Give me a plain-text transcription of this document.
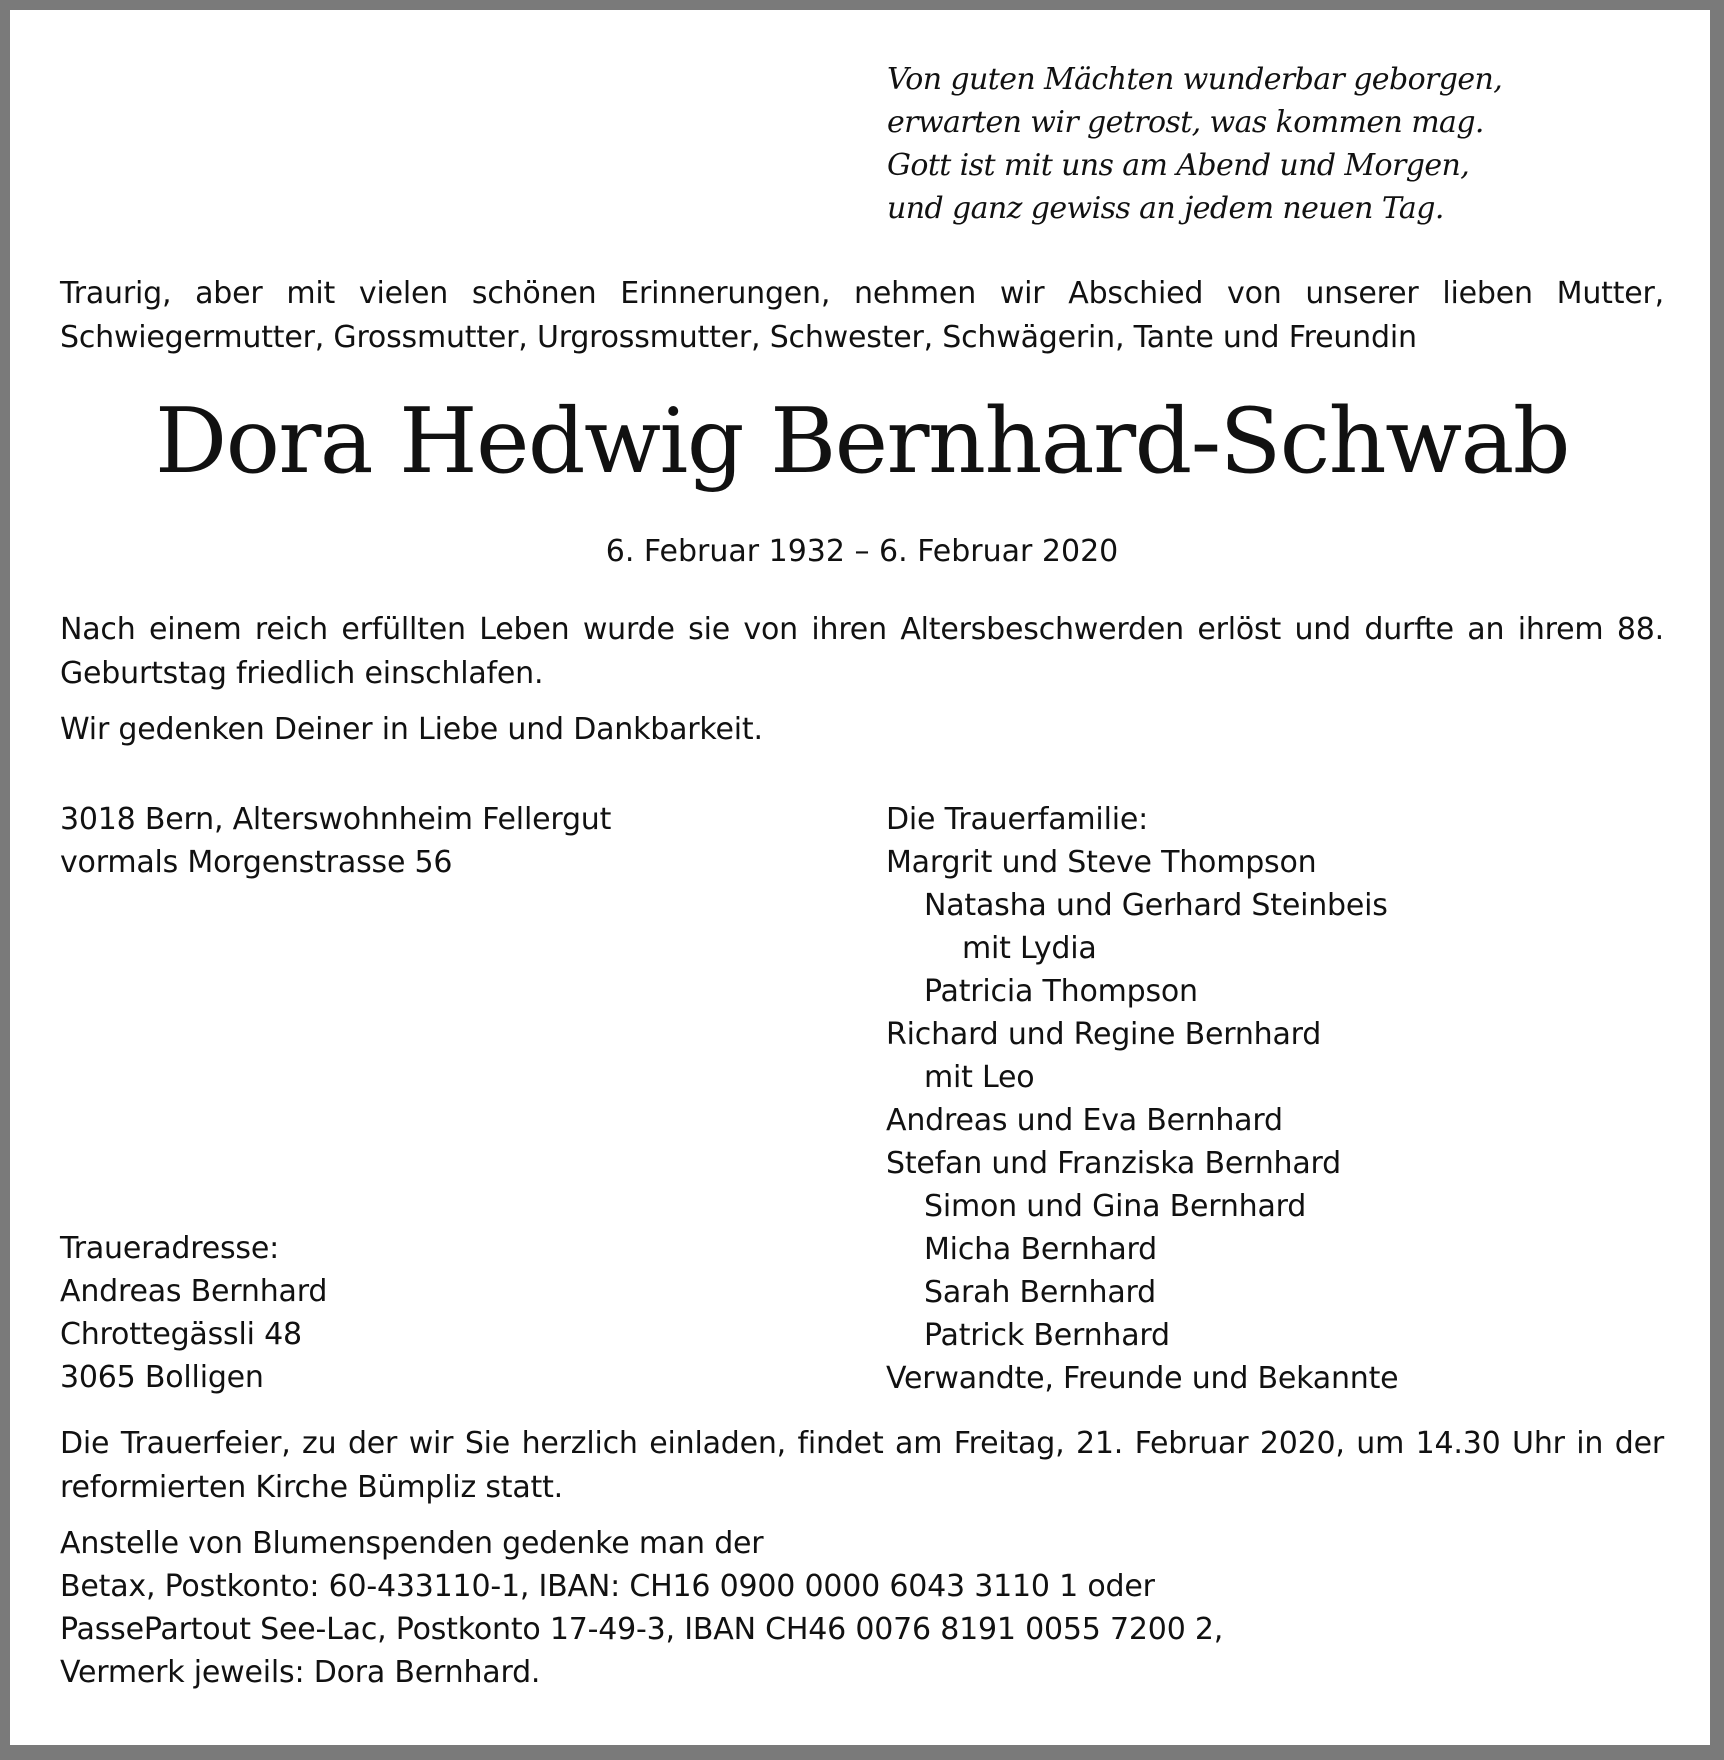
Von guten Mächten wunderbar geborgen,
erwarten wir getrost, was kommen mag.
Gott ist mit uns am Abend und Morgen,
und ganz gewiss an jedem neuen Tag.
Traurig, aber mit vielen schönen Erinnerungen, nehmen wir Abschied von unserer lieben Mutter, Schwiegermutter, Grossmutter, Urgrossmutter, Schwester, Schwägerin, Tante und Freundin
Dora Hedwig Bernhard-Schwab
6. Februar 1932 – 6. Februar 2020
Nach einem reich erfüllten Leben wurde sie von ihren Altersbeschwerden erlöst und durfte an ihrem 88. Geburtstag friedlich einschlafen.
Wir gedenken Deiner in Liebe und Dankbarkeit.
3018 Bern, Alterswohnheim Fellergut
vormals Morgenstrasse 56
Die Trauerfamilie:
Margrit und Steve Thompson
Natasha und Gerhard Steinbeis
mit Lydia
Patricia Thompson
Richard und Regine Bernhard
mit Leo
Andreas und Eva Bernhard
Stefan und Franziska Bernhard
Simon und Gina Bernhard
Micha Bernhard
Sarah Bernhard
Patrick Bernhard
Verwandte, Freunde und Bekannte
Traueradresse:
Andreas Bernhard
Chrottegässli 48
3065 Bolligen
Die Trauerfeier, zu der wir Sie herzlich einladen, findet am Freitag, 21. Februar 2020, um 14.30 Uhr in der reformierten Kirche Bümpliz statt.
Anstelle von Blumenspenden gedenke man der
Betax, Postkonto: 60-433110-1, IBAN: CH16 0900 0000 6043 3110 1 oder
PassePartout See-Lac, Postkonto 17-49-3, IBAN CH46 0076 8191 0055 7200 2,
Vermerk jeweils: Dora Bernhard.
